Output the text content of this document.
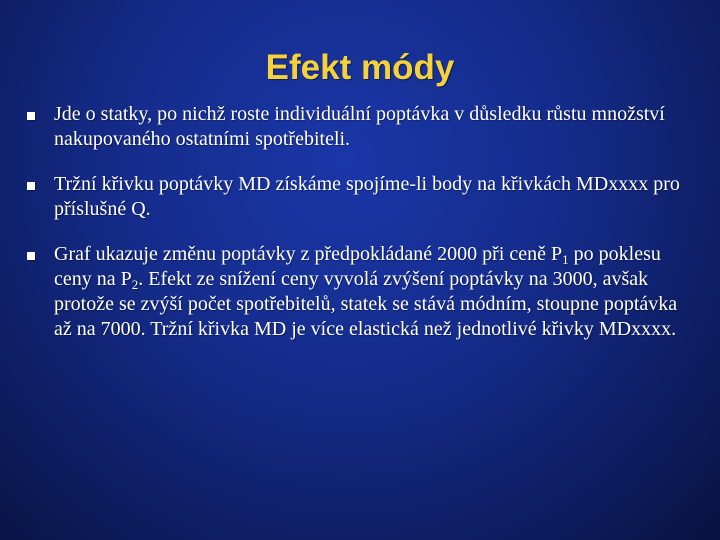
Efekt módy
Jde o statky, po nichž roste individuální poptávka v důsledku růstu množství nakupovaného ostatními spotřebiteli.
Tržní křivku poptávky MD získáme spojíme-li body na křivkách MDxxxx pro příslušné Q.
Graf ukazuje změnu poptávky z předpokládané 2000 při ceně $P_1$ po poklesu ceny na $P_2$. Efekt ze snížení ceny vyvolá zvýšení poptávky na 3000, avšak protože se zvýší počet spotřebitelů, statek se stává módním, stoupne poptávka až na 7000. Tržní křivka MD je více elastická než jednotlivé křivky MDxxxx.
